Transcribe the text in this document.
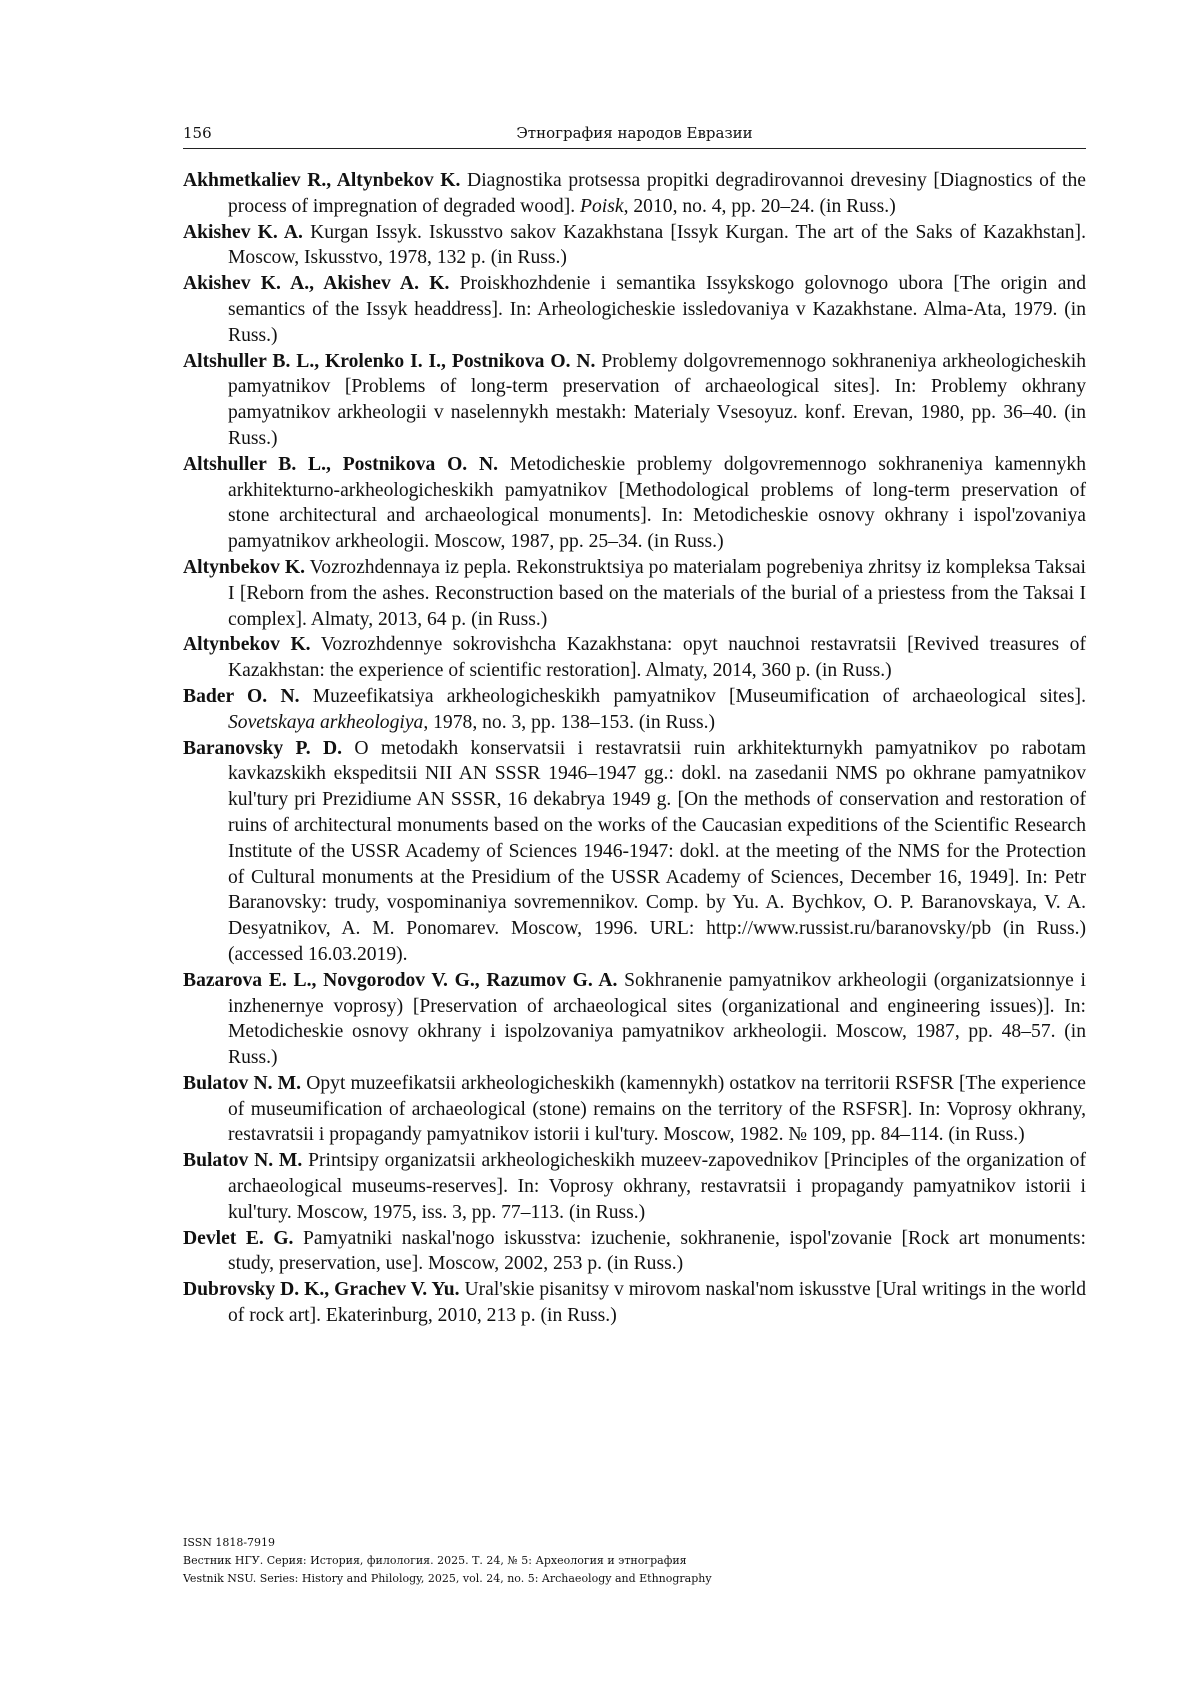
156	Этнография народов Евразии

Akhmetkaliev R., Altynbekov K. Diagnostika protsessa propitki degradirovannoi drevesiny [Diagnostics of the process of impregnation of degraded wood]. Poisk, 2010, no. 4, pp. 20–24. (in Russ.)

Akishev K. A. Kurgan Issyk. Iskusstvo sakov Kazakhstana [Issyk Kurgan. The art of the Saks of Kazakhstan]. Moscow, Iskusstvo, 1978, 132 p. (in Russ.)

Akishev K. A., Akishev A. K. Proiskhozhdenie i semantika Issykskogo golovnogo ubora [The origin and semantics of the Issyk headdress]. In: Arheologicheskie issledovaniya v Kazakhstane. Alma-Ata, 1979. (in Russ.)

Altshuller B. L., Krolenko I. I., Postnikova O. N. Problemy dolgovremennogo sokhraneniya arkheologicheskih pamyatnikov [Problems of long-term preservation of archaeological sites]. In: Problemy okhrany pamyatnikov arkheologii v naselennykh mestakh: Materialy Vsesoyuz. konf. Erevan, 1980, pp. 36–40. (in Russ.)

Altshuller B. L., Postnikova O. N. Metodicheskie problemy dolgovremennogo sokhraneniya kamennykh arkhitekturno-arkheologicheskikh pamyatnikov [Methodological problems of long-term preservation of stone architectural and archaeological monuments]. In: Metodicheskie osnovy okhrany i ispol'zovaniya pamyatnikov arkheologii. Moscow, 1987, pp. 25–34. (in Russ.)

Altynbekov K. Vozrozhdennaya iz pepla. Rekonstruktsiya po materialam pogrebeniya zhritsy iz kompleksa Taksai I [Reborn from the ashes. Reconstruction based on the materials of the burial of a priestess from the Taksai I complex]. Almaty, 2013, 64 p. (in Russ.)

Altynbekov K. Vozrozhdennye sokrovishcha Kazakhstana: opyt nauchnoi restavratsii [Revived treasures of Kazakhstan: the experience of scientific restoration]. Almaty, 2014, 360 p. (in Russ.)

Bader O. N. Muzeefikatsiya arkheologicheskikh pamyatnikov [Museumification of archaeological sites]. Sovetskaya arkheologiya, 1978, no. 3, pp. 138–153. (in Russ.)

Baranovsky P. D. O metodakh konservatsii i restavratsii ruin arkhitekturnykh pamyatnikov po rabotam kavkazskikh ekspeditsii NII AN SSSR 1946–1947 gg.: dokl. na zasedanii NMS po okhrane pamyatnikov kul'tury pri Prezidiume AN SSSR, 16 dekabrya 1949 g. [On the methods of conservation and restoration of ruins of architectural monuments based on the works of the Caucasian expeditions of the Scientific Research Institute of the USSR Academy of Sciences 1946-1947: dokl. at the meeting of the NMS for the Protection of Cultural monuments at the Presidium of the USSR Academy of Sciences, December 16, 1949]. In: Petr Baranovsky: trudy, vospominaniya sovremennikov. Comp. by Yu. A. Bychkov, O. P. Baranovskaya, V. A. Desyatnikov, A. M. Ponomarev. Moscow, 1996. URL: http://www.russist.ru/baranovsky/pb (in Russ.) (accessed 16.03.2019).

Bazarova E. L., Novgorodov V. G., Razumov G. A. Sokhranenie pamyatnikov arkheologii (organizatsionnye i inzhenernye voprosy) [Preservation of archaeological sites (organizational and engineering issues)]. In: Metodicheskie osnovy okhrany i ispolzovaniya pamyatnikov arkheologii. Moscow, 1987, pp. 48–57. (in Russ.)

Bulatov N. M. Opyt muzeefikatsii arkheologicheskikh (kamennykh) ostatkov na territorii RSFSR [The experience of museumification of archaeological (stone) remains on the territory of the RSFSR]. In: Voprosy okhrany, restavratsii i propagandy pamyatnikov istorii i kul'tury. Moscow, 1982. № 109, pp. 84–114. (in Russ.)

Bulatov N. M. Printsipy organizatsii arkheologicheskikh muzeev-zapovednikov [Principles of the organization of archaeological museums-reserves]. In: Voprosy okhrany, restavratsii i propagandy pamyatnikov istorii i kul'tury. Moscow, 1975, iss. 3, pp. 77–113. (in Russ.)

Devlet E. G. Pamyatniki naskal'nogo iskusstva: izuchenie, sokhranenie, ispol'zovanie [Rock art monuments: study, preservation, use]. Moscow, 2002, 253 p. (in Russ.)

Dubrovsky D. K., Grachev V. Yu. Ural'skie pisanitsy v mirovom naskal'nom iskusstve [Ural writings in the world of rock art]. Ekaterinburg, 2010, 213 p. (in Russ.)

ISSN 1818-7919
Вестник НГУ. Серия: История, филология. 2025. Т. 24, № 5: Археология и этнография
Vestnik NSU. Series: History and Philology, 2025, vol. 24, no. 5: Archaeology and Ethnography
